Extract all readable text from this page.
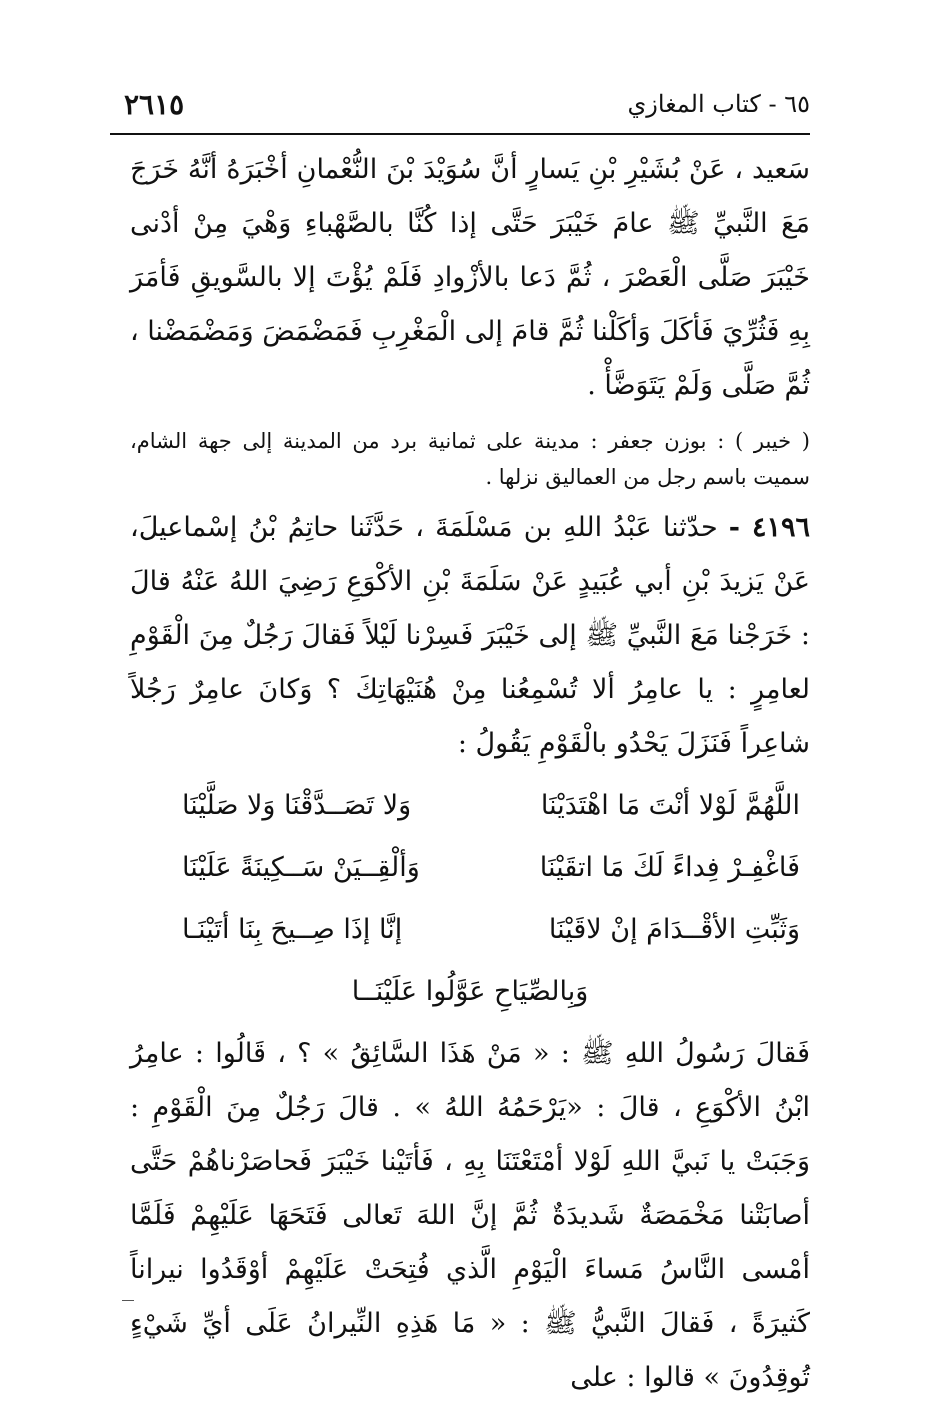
٢٦١٥	٦٥ - كتاب المغازي

سَعيد ، عَنْ بُشَيْرِ بْنِ يَسارٍ أنَّ سُوَيْدَ بْنَ النُّعْمانِ أخْبَرَهُ أنَّهُ خَرَجَ مَعَ النَّبيِّ ﷺ عامَ خَيْبَرَ حَتَّى إذا كُنَّا بالصَّهْباءِ وَهْيَ مِنْ أدْنى خَيْبَرَ صَلَّى الْعَصْرَ ، ثُمَّ دَعا بالأزْوادِ فَلَمْ يُؤْتَ إلا بالسَّويقِ فَأمَرَ بِهِ فَثُرِّيَ فَأكَلَ وَأكَلْنا ثُمَّ قامَ إلى الْمَغْرِبِ فَمَضْمَضَ وَمَضْمَضْنا ، ثُمَّ صَلَّى وَلَمْ يَتَوَضَّأْ .

( خيبر ) : بوزن جعفر : مدينة على ثمانية برد من المدينة إلى جهة الشام، سميت باسم رجل من العماليق نزلها .

٤١٩٦ - حدّثنا عَبْدُ اللهِ بن مَسْلَمَةَ ، حَدَّثَنا حاتِمُ بْنُ إسْماعيلَ، عَنْ يَزيدَ بْنِ أبي عُبَيدٍ عَنْ سَلَمَةَ بْنِ الأكْوَعِ رَضِيَ اللهُ عَنْهُ قالَ : خَرَجْنا مَعَ النَّبيِّ ﷺ إلى خَيْبَرَ فَسِرْنا لَيْلاً فَقالَ رَجُلٌ مِنَ الْقَوْمِ لعامِرٍ : يا عامِرُ ألا تُسْمِعُنا مِنْ هُنَيْهَاتِكَ ؟ وَكانَ عامِرٌ رَجُلاً شاعِراً فَنَزَلَ يَحْدُو بالْقَوْمِ يَقُولُ :

اللَّهُمَّ لَوْلا أنْتَ مَا اهْتَدَيْنَا
وَلا تَصَــدَّقْنَا وَلا صَلَّيْنَا
فَاغْفِـرْ فِداءً لَكَ مَا اتقَيْنَا
وَألْقِــيَنْ سَــكِينَةً عَلَيْنَا
وَثَبِّتِ الأقْــدَامَ إنْ لاقَيْنَا
إنَّا إذَا صِــيحَ بِنَا أتَيْنَـا
وَبِالصِّيَاحِ عَوَّلُوا عَلَيْنَــا

فَقالَ رَسُولُ اللهِ ﷺ : « مَنْ هَذَا السَّائِقُ » ؟ ، قَالُوا : عامِرُ ابْنُ الأكْوَعِ ، قالَ : «يَرْحَمُهُ اللهُ » . قالَ رَجُلٌ مِنَ الْقَوْمِ : وَجَبَتْ يا نَبيَّ اللهِ لَوْلا أمْتَعْتَنَا بِهِ ، فَأتَيْنا خَيْبَرَ فَحاصَرْناهُمْ حَتَّى أصابَتْنا مَخْمَصَةٌ شَديدَةٌ ثُمَّ إنَّ اللهَ تَعالى فَتَحَهَا عَلَيْهِمْ فَلَمَّا أمْسى النَّاسُ مَساءَ الْيَوْمِ الَّذي فُتِحَتْ عَلَيْهِمْ أوْقَدُوا نيراناً كَثيرَةً ، فَقالَ النَّبيُّ ﷺ : « مَا هَذِهِ النِّيرانُ عَلَى أيِّ شَيْءٍ تُوقِدُونَ » قالوا : على
